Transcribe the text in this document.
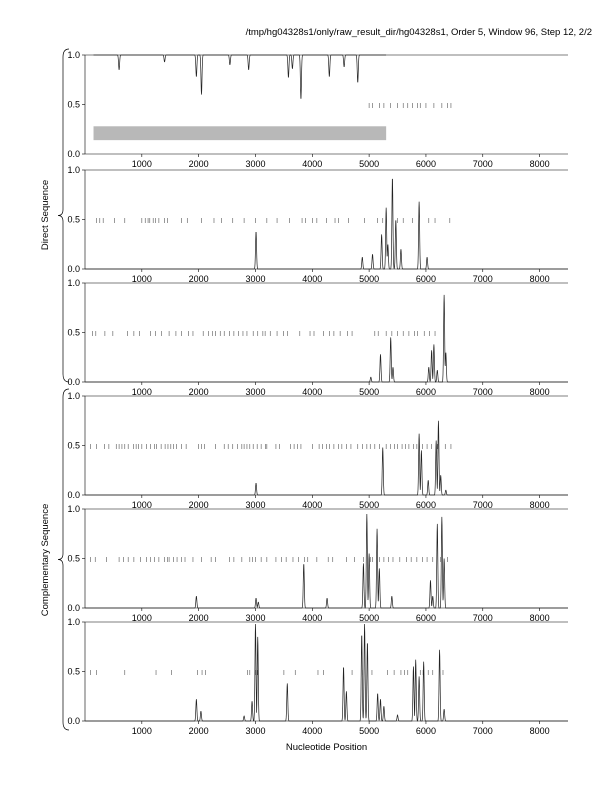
/tmp/hg04328s1/only/raw_result_dir/hg04328s1, Order 5, Window 96, Step 12, 2/2
0.0
0.5
1.0
1000	2000	3000	4000	5000	6000	7000	8000
0.0
0.5
1.0
1000	2000	3000	4000	5000	6000	7000	8000
0.0
0.5
1.0
1000	2000	3000	4000	5000	6000	7000	8000
0.0
0.5
1.0
1000	2000	3000	4000	5000	6000	7000	8000
0.0
0.5
1.0
1000	2000	3000	4000	5000	6000	7000	8000
0.0
0.5
1.0
1000	2000	3000	4000	5000	6000	7000	8000
Direct Sequence
Complementary Sequence
Nucleotide Position
